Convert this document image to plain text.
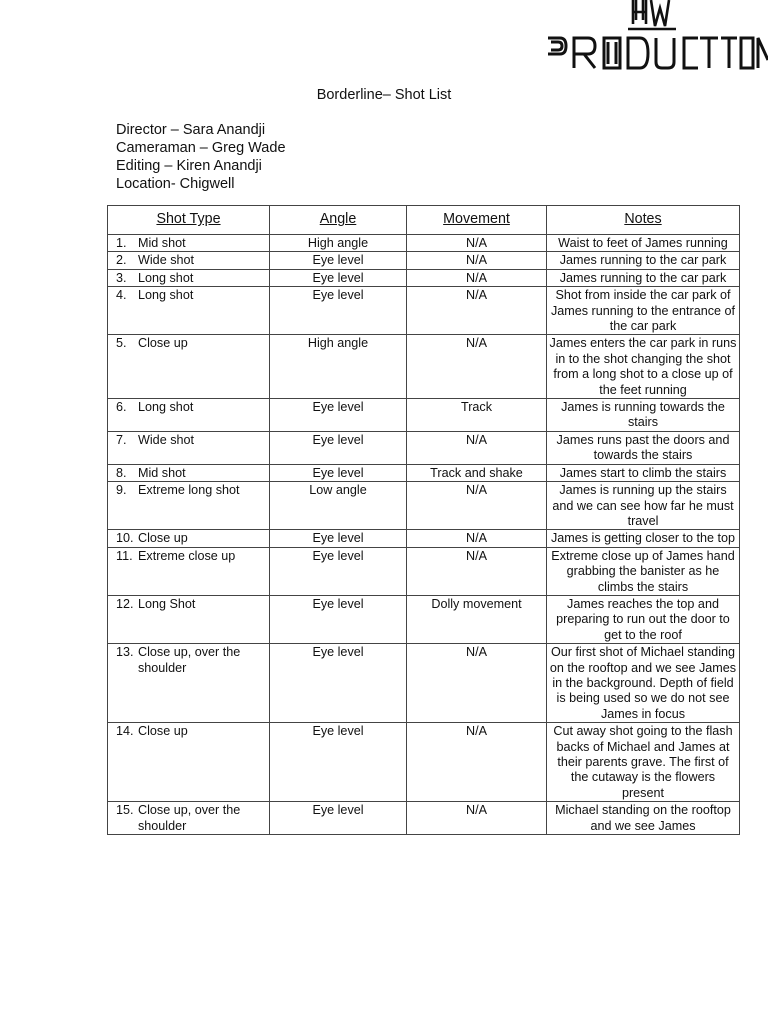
Borderline– Shot List
Director – Sara Anandji
Cameraman – Greg Wade
Editing – Kiren Anandji
Location- Chigwell
Shot Type	Angle	Movement	Notes
1. Mid shot	High angle	N/A	Waist to feet of James running
2. Wide shot	Eye level	N/A	James running to the car park
3. Long shot	Eye level	N/A	James running to the car park
4. Long shot	Eye level	N/A	Shot from inside the car park of James running to the entrance of the car park
5. Close up	High angle	N/A	James enters the car park in runs in to the shot changing the shot from a long shot to a close up of the feet running
6. Long shot	Eye level	Track	James is running towards the stairs
7. Wide shot	Eye level	N/A	James runs past the doors and towards the stairs
8. Mid shot	Eye level	Track and shake	James start to climb the stairs
9. Extreme long shot	Low angle	N/A	James is running up the stairs and we can see how far he must travel
10. Close up	Eye level	N/A	James is getting closer to the top
11. Extreme close up	Eye level	N/A	Extreme close up of James hand grabbing the banister as he climbs the stairs
12. Long Shot	Eye level	Dolly movement	James reaches the top and preparing to run out the door to get to the roof
13. Close up, over the shoulder	Eye level	N/A	Our first shot of Michael standing on the rooftop and we see James in the background. Depth of field is being used so we do not see James in focus
14. Close up	Eye level	N/A	Cut away shot going to the flash backs of Michael and James at their parents grave. The first of the cutaway is the flowers present
15. Close up, over the shoulder	Eye level	N/A	Michael standing on the rooftop and we see James
